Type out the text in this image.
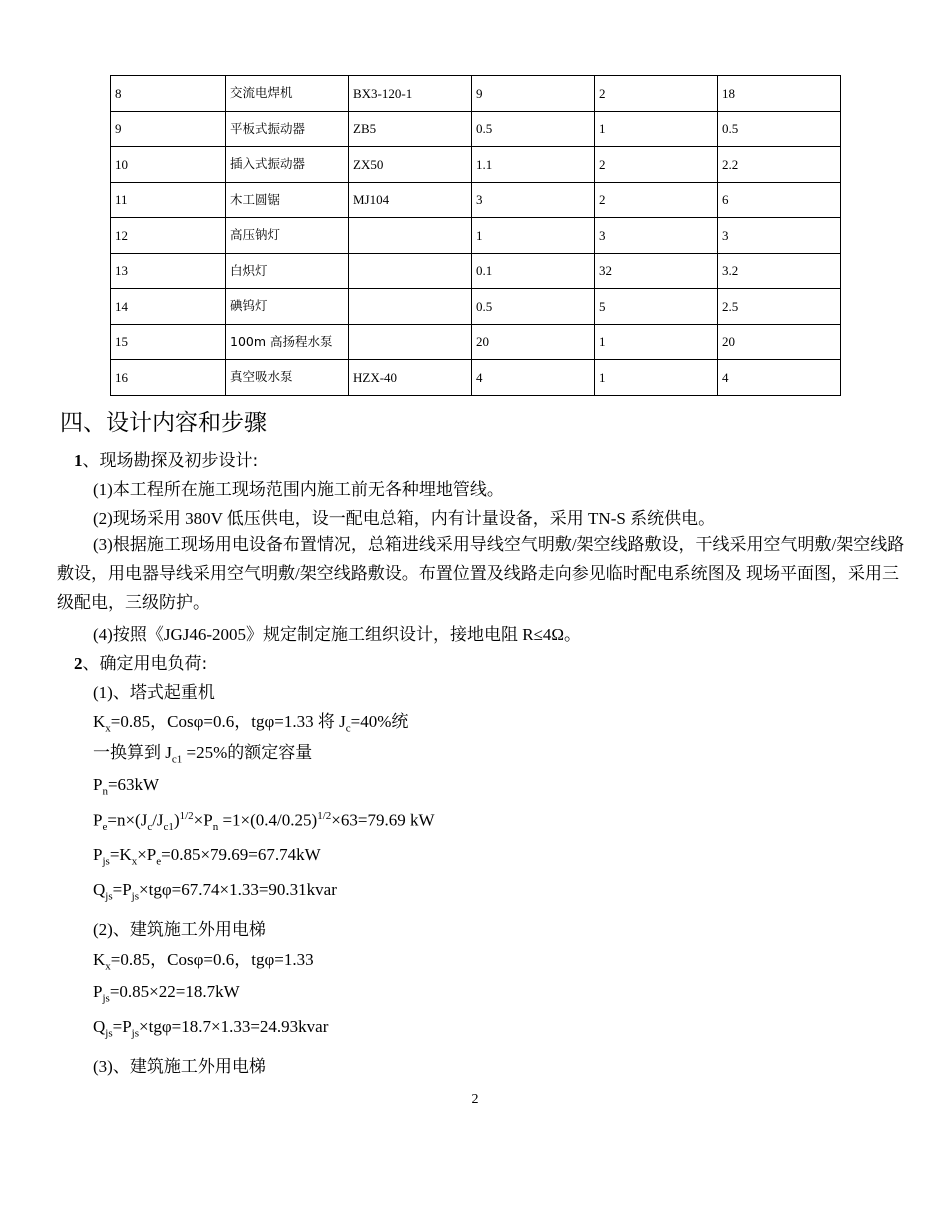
8	交流电焊机	BX3-120-1	9	2	18
9	平板式振动器	ZB5	0.5	1	0.5
10	插入式振动器	ZX50	1.1	2	2.2
11	木工圆锯	MJ104	3	2	6
12	高压钠灯		1	3	3
13	白炽灯		0.1	32	3.2
14	碘钨灯		0.5	5	2.5
15	100m 高扬程水泵		20	1	20
16	真空吸水泵	HZX-40	4	1	4
四、设计内容和步骤
1、现场勘探及初步设计:
(1)本工程所在施工现场范围内施工前无各种埋地管线。
(2)现场采用 380V 低压供电，设一配电总箱，内有计量设备，采用 TN-S 系统供电。
(3)根据施工现场用电设备布置情况，总箱进线采用导线空气明敷/架空线路敷设，干线采用空气明敷/架空线路敷设，用电器导线采用空气明敷/架空线路敷设。布置位置及线路走向参见临时配电系统图及 现场平面图，采用三级配电，三级防护。
(4)按照《JGJ46-2005》规定制定施工组织设计，接地电阻 R≤4Ω。
2、确定用电负荷:
(1)、塔式起重机
$K_x=0.85$，Cosφ=0.6，tgφ=1.33 将 $J_c=40\%$统
一换算到 $J_{c1} =25\%$的额定容量
$P_n=63kW$
$P_e=n\times(J_c/J_{c1})^{1/2}\times P_n =1\times(0.4/0.25)^{1/2}\times 63=79.69$ kW
$P_{js}=K_x\times P_e=0.85\times 79.69=67.74kW$
$Q_{js}=P_{js}\times tg\varphi=67.74\times 1.33=90.31kvar$
(2)、建筑施工外用电梯
$K_x=0.85$，Cosφ=0.6，tgφ=1.33
$P_{js}=0.85\times 22=18.7kW$
$Q_{js}=P_{js}\times tg\varphi=18.7\times 1.33=24.93kvar$
(3)、建筑施工外用电梯
2
